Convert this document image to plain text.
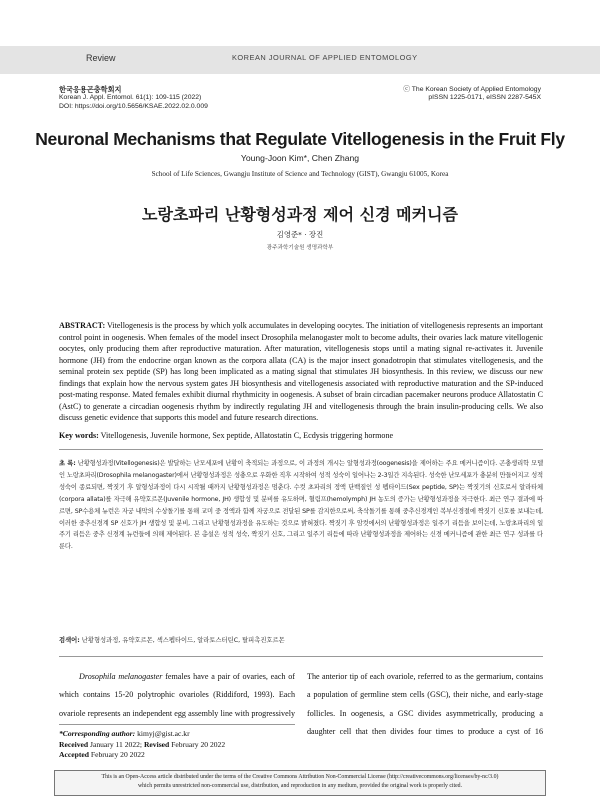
Review	KOREAN JOURNAL OF APPLIED ENTOMOLOGY
한국응용곤충학회지
Korean J. Appl. Entomol. 61(1): 109-115 (2022)
DOI: https://doi.org/10.5656/KSAE.2022.02.0.009
ⓒ The Korean Society of Applied Entomology
pISSN 1225-0171, eISSN 2287-545X
Neuronal Mechanisms that Regulate Vitellogenesis in the Fruit Fly
Young-Joon Kim*, Chen Zhang
School of Life Sciences, Gwangju Institute of Science and Technology (GIST), Gwangju 61005, Korea
노랑초파리 난황형성과정 제어 신경 메커니즘
김영준* · 장진
광주과학기술원 생명과학부
ABSTRACT: Vitellogenesis is the process by which yolk accumulates in developing oocytes. The initiation of vitellogenesis represents an important control point in oogenesis. When females of the model insect Drosophila melanogaster molt to become adults, their ovaries lack mature vitellogenic oocytes, only producing them after reproductive maturation. After maturation, vitellogenesis stops until a mating signal re-activates it. Juvenile hormone (JH) from the endocrine organ known as the corpora allata (CA) is the major insect gonadotropin that stimulates vitellogenesis, and the seminal protein sex peptide (SP) has long been implicated as a mating signal that stimulates JH biosynthesis. In this review, we discuss our new findings that explain how the nervous system gates JH biosynthesis and vitellogenesis associated with reproductive maturation and the SP-induced post-mating response. Mated females exhibit diurnal rhythmicity in oogenesis. A subset of brain circadian pacemaker neurons produce Allatostatin C (AstC) to generate a circadian oogenesis rhythm by indirectly regulating JH and vitellogenesis through the brain insulin-producing cells. We also discuss genetic evidence that supports this model and future research directions.
Key words: Vitellogenesis, Juvenile hormone, Sex peptide, Allatostatin C, Ecdysis triggering hormone
초 록: 난황형성과정(Vitellogenesis)은 발달하는 난모세포에 난황이 축적되는 과정으로, 이 과정의 개시는 알형성과정(oogenesis)을 제어하는 주요 메커니즘이다. 곤충생리학 모델인 노랑초파리(Drosophila melanogaster)에서 난황형성과정은 성충으로 우화한 직후 시작하여 성적 성숙이 일어나는 2-3일간 지속된다. 성숙한 난모세포가 충분히 만들어지고 성적 성숙이 종료되면, 짝짓기 후 알형성과정이 다시 시작될 때까지 난황형성과정은 멈춘다. 수컷 초파리의 정액 단백질인 성 펩타이드(Sex peptide, SP)는 짝짓기의 신호로서 알라타체(corpora allata)를 자극해 유약호르몬(Juvenile hormone, JH) 생합성 및 분비를 유도하며, 혈림프(hemolymph) JH 농도의 증가는 난황형성과정을 자극한다. 최근 연구 결과에 따르면, SP수용체 뉴런은 자궁 내막의 수상돌기를 통해 교미 중 정액과 함께 자궁으로 전달된 SP를 감지한으로써, 축삭돌기를 통해 중추신경계인 복부신경절에 짝짓기 신호를 보내는데, 이러한 중추신경계 SP 신호가 JH 생합성 및 분비, 그리고 난황형성과정을 유도하는 것으로 밝혀졌다. 짝짓기 후 암컷에서의 난황형성과정은 일주기 리듬을 보이는데, 노랑초파리의 일주기 리듬은 중추 신경계 뉴런들에 의해 제어된다. 본 총설은 성적 성숙, 짝짓기 신호, 그리고 일주기 리듬에 따라 난황형성과정을 제어하는 신경 메커니즘에 관한 최근 연구 성과를 다룬다.
검색어: 난황형성과정, 유약호르몬, 섹스펩타이드, 알라토스터틴C, 탈피촉진호르몬
Drosophila melanogaster females have a pair of ovaries, each of which contains 15-20 polytrophic ovarioles (Riddiford, 1993). Each ovariole represents an independent egg assembly line with progressively
The anterior tip of each ovariole, referred to as the germarium, contains a population of germline stem cells (GSC), their niche, and early-stage follicles. In oogenesis, a GSC divides asymmetrically, producing a daughter cell that then divides four times to produce a cyst of 16
*Corresponding author: kimyj@gist.ac.kr
Received January 11 2022; Revised February 20 2022
Accepted February 20 2022
This is an Open-Access article distributed under the terms of the Creative Commons Attribution Non-Commercial License (http://creativecommons.org/licenses/by-nc/3.0)
which permits unrestricted non-commercial use, distribution, and reproduction in any medium, provided the original work is properly cited.
